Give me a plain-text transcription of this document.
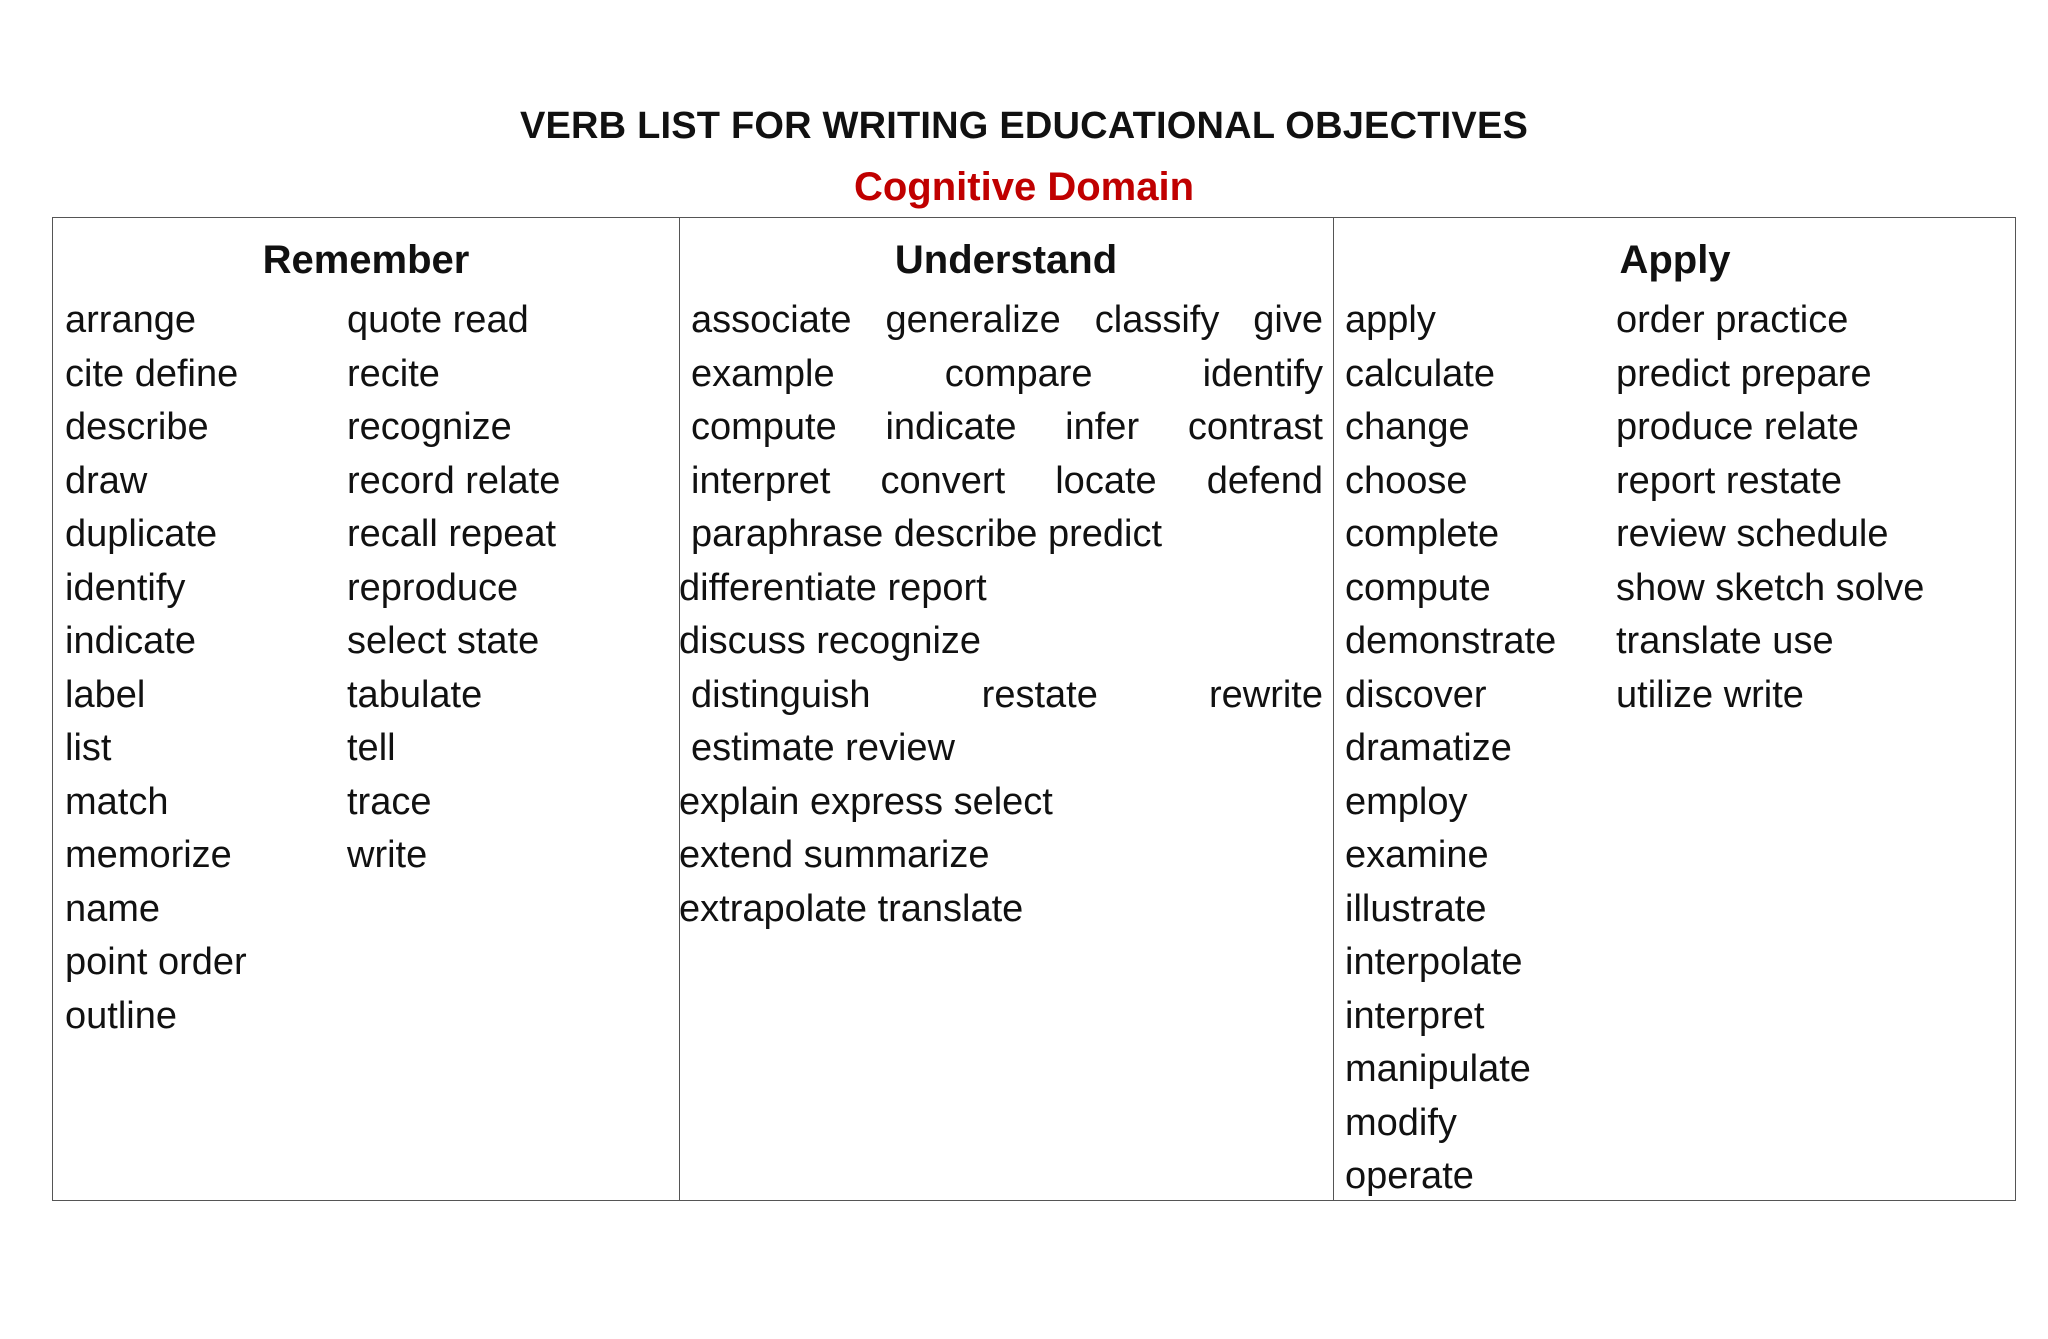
VERB LIST FOR WRITING EDUCATIONAL OBJECTIVES
Cognitive Domain
Remember
arrange
cite define
describe
draw
duplicate
identify
indicate
label
list
match
memorize
name
point order
outline
quote read
recite
recognize
record relate
recall repeat
reproduce
select state
tabulate
tell
trace
write
Understand
associate generalize classify give
example compare identify
compute indicate infer contrast
interpret convert locate defend
paraphrase describe predict
differentiate report
discuss recognize
distinguish restate rewrite
estimate review
explain express select
extend summarize
extrapolate translate
Apply
apply
calculate
change
choose
complete
compute
demonstrate
discover
dramatize
employ
examine
illustrate
interpolate
interpret
manipulate
modify
operate
order practice
predict prepare
produce relate
report restate
review schedule
show sketch solve
translate use
utilize write
